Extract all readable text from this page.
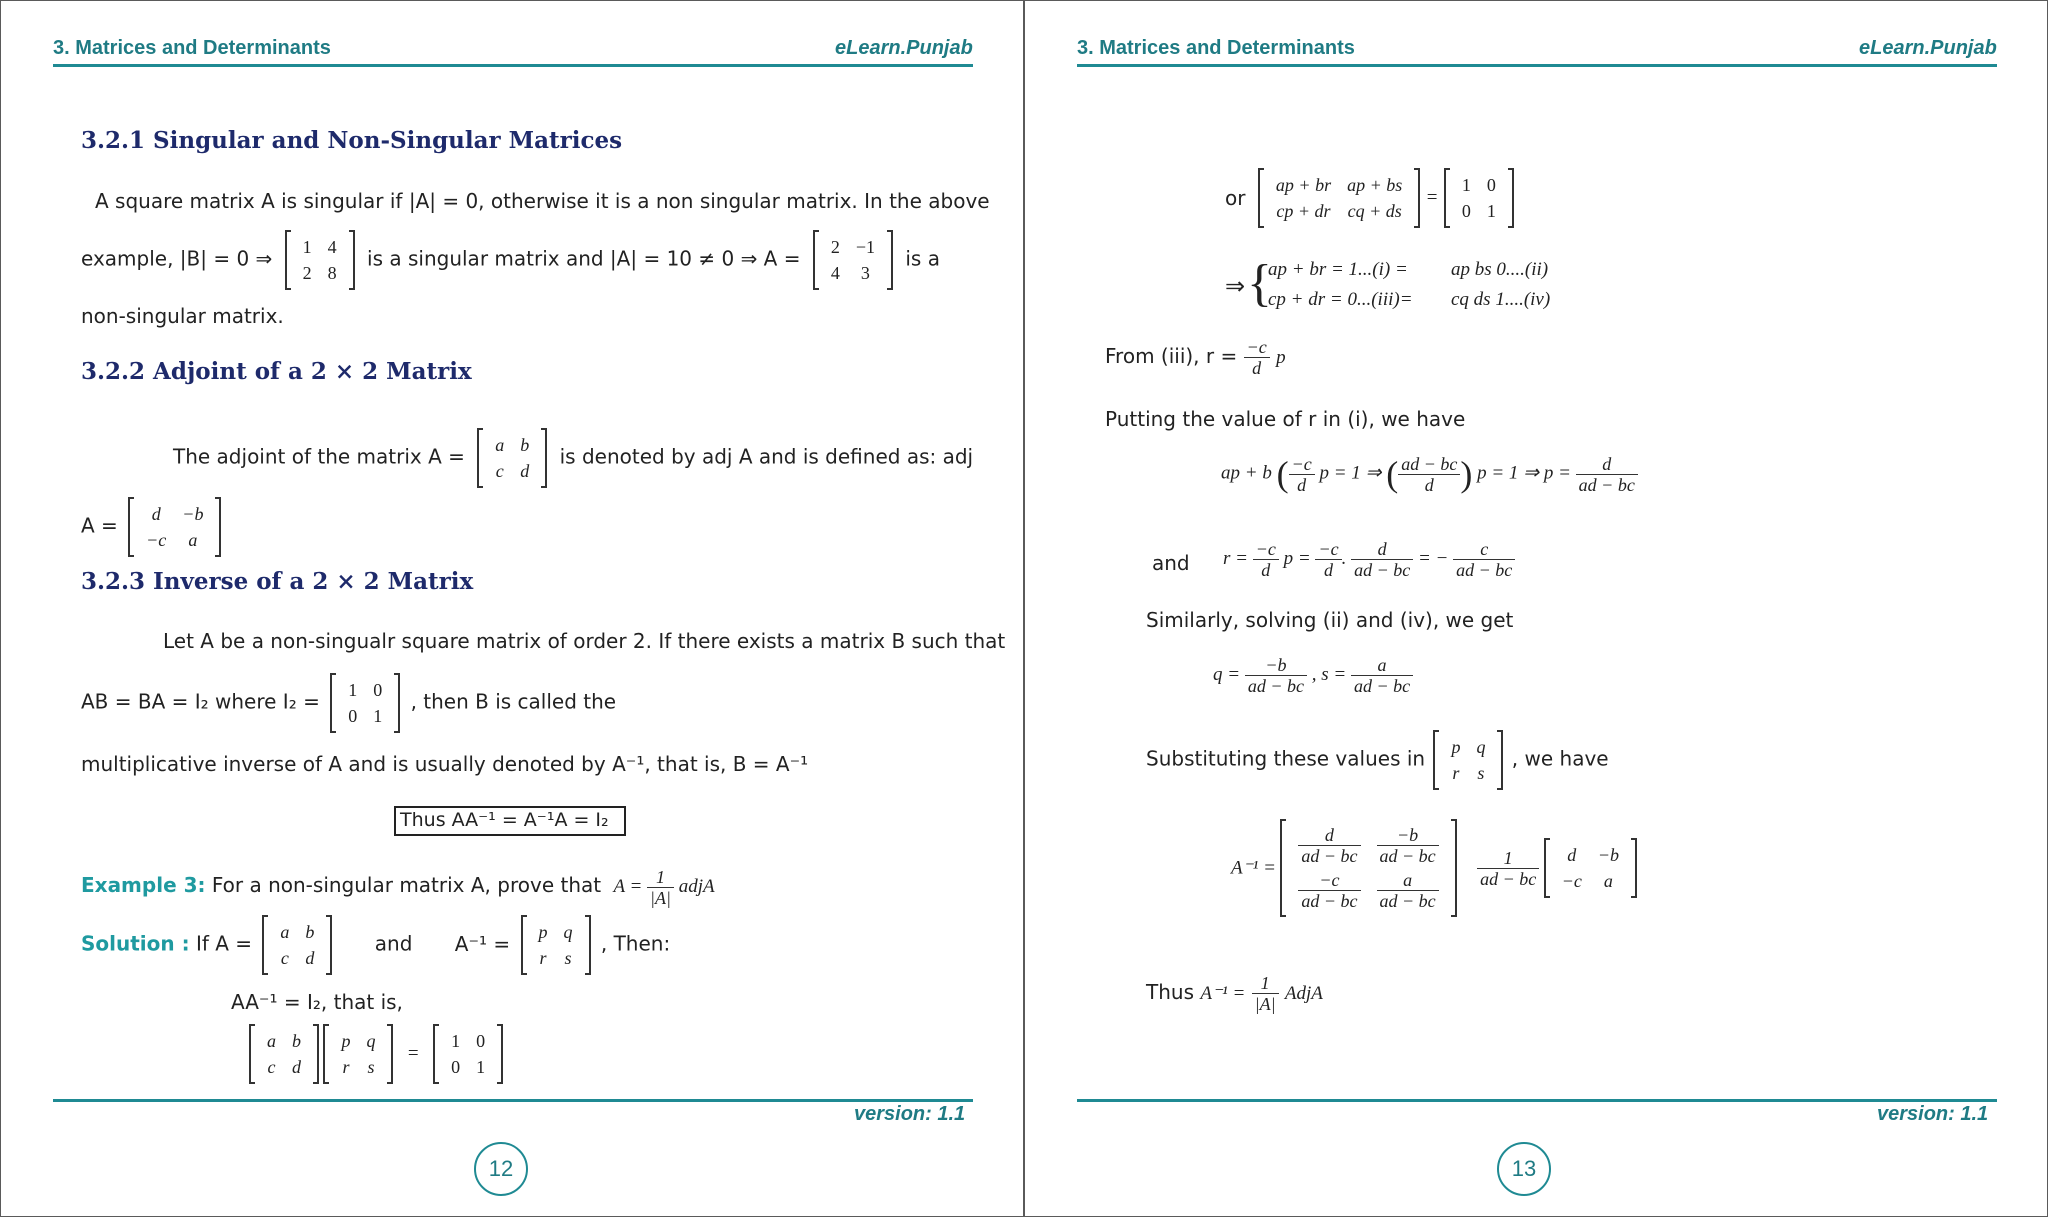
3. Matrices and Determinants	eLearn.Punjab
3.2.1 Singular and Non-Singular Matrices
A square matrix A is singular if |A| = 0, otherwise it is a non singular matrix. In the above
example, |B| = 0 ⇒ 1	4
2	8
is a singular matrix and |A| = 10 ≠ 0 ⇒ A = 2	−1
4	3
is a
non-singular matrix.
3.2.2 Adjoint of a 2 × 2 Matrix
The adjoint of the matrix A = a	b
c	d
is denoted by adj A and is defined as: adj
A = d	−b
−c	a
3.2.3 Inverse of a 2 × 2 Matrix
Let A be a non-singualr square matrix of order 2. If there exists a matrix B such that
AB = BA = I₂ where I₂ = 1	0
0	1
, then B is called the
multiplicative inverse of A and is usually denoted by A⁻¹, that is, B = A⁻¹
Thus AA⁻¹ = A⁻¹A = I₂
Example 3: For a non-singular matrix A, prove that $A = \frac{1}{|A|}$ adjA
Solution : If A = a	b
c	d
and A⁻¹ = p	q
r	s
, Then:
AA⁻¹ = I₂, that is,
a	b
c	d

p	q
r	s
=
1	0
0	1
version: 1.1
12
3. Matrices and Determinants	eLearn.Punjab
or
ap + br	ap + bs
cp + dr	cq + ds
=
1	0
0	1
⇒ {
ap + br = 1...(i) = ap bs 0....(ii)
cp + dr = 0...(iii)= cq ds 1....(iv)
From (iii), $r = \frac{-c}{d}$ p
Putting the value of r in (i), we have
ap + b ( $\frac{-c}{d}$ p = 1 ⇒ ( $\frac{ad - bc}{d}$ ) p = 1 ⇒ $p = \frac{d}{ad - bc}$
and $r = \frac{-c}{d}$ $p = \frac{-c}{d}$ . $\frac{d}{ad - bc}$ = − $\frac{c}{ad - bc}$
Similarly, solving (ii) and (iv), we get
$q = \frac{-b}{ad - bc}$ , $s = \frac{a}{ad - bc}$
Substituting these values in p	q
r	s
, we have
A⁻¹ =
$\frac{d}{ad - bc}$	$\frac{-b}{ad - bc}$

$\frac{-c}{ad - bc}$	$\frac{a}{ad - bc}$

$\frac{1}{ad - bc}$
d	−b
−c	a
Thus $A^{-1} = \frac{1}{|A|}$ AdjA
version: 1.1
13
